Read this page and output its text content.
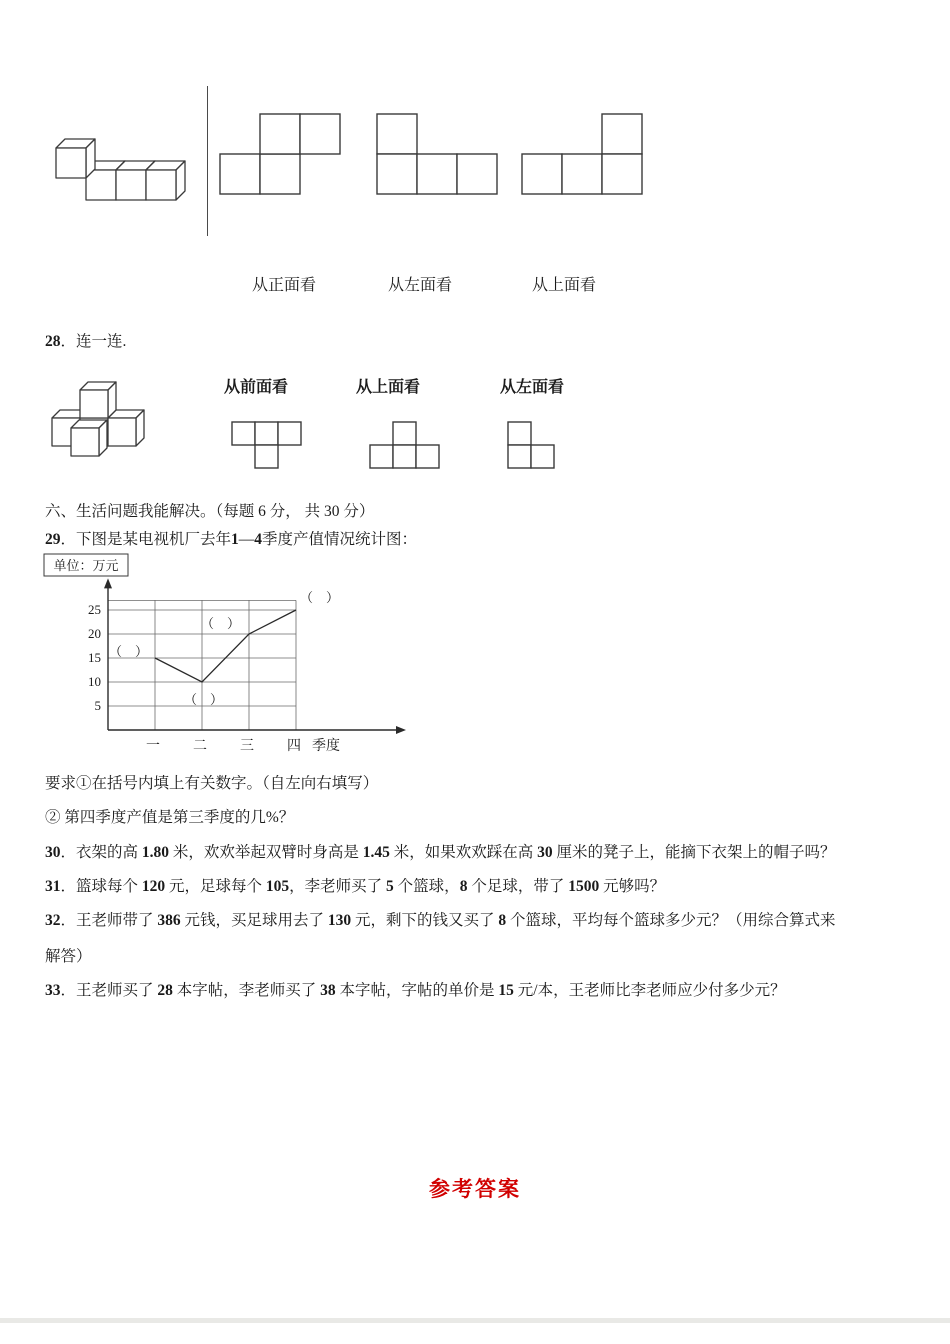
从正面看	从左面看	从上面看

28．连一连.

从前面看	从上面看	从左面看

六、生活问题我能解决。（每题 6 分， 共 30 分）

29．下图是某电视机厂去年1—4季度产值情况统计图：

5
10
15
20
25
一 二 三 四
单位：万元
季度
（　）
（　）
（　）
（　）

要求①在括号内填上有关数字。（自左向右填写）

② 第四季度产值是第三季度的几%？

30．衣架的高 1.80 米，欢欢举起双臂时身高是 1.45 米，如果欢欢踩在高 30 厘米的凳子上，能摘下衣架上的帽子吗？

31．篮球每个 120 元，足球每个 105，李老师买了 5 个篮球，8 个足球，带了 1500 元够吗？

32．王老师带了 386 元钱，买足球用去了 130 元，剩下的钱又买了 8 个篮球，平均每个篮球多少元？（用综合算式来

解答）

33．王老师买了 28 本字帖，李老师买了 38 本字帖，字帖的单价是 15 元/本，王老师比李老师应少付多少元？

参考答案
